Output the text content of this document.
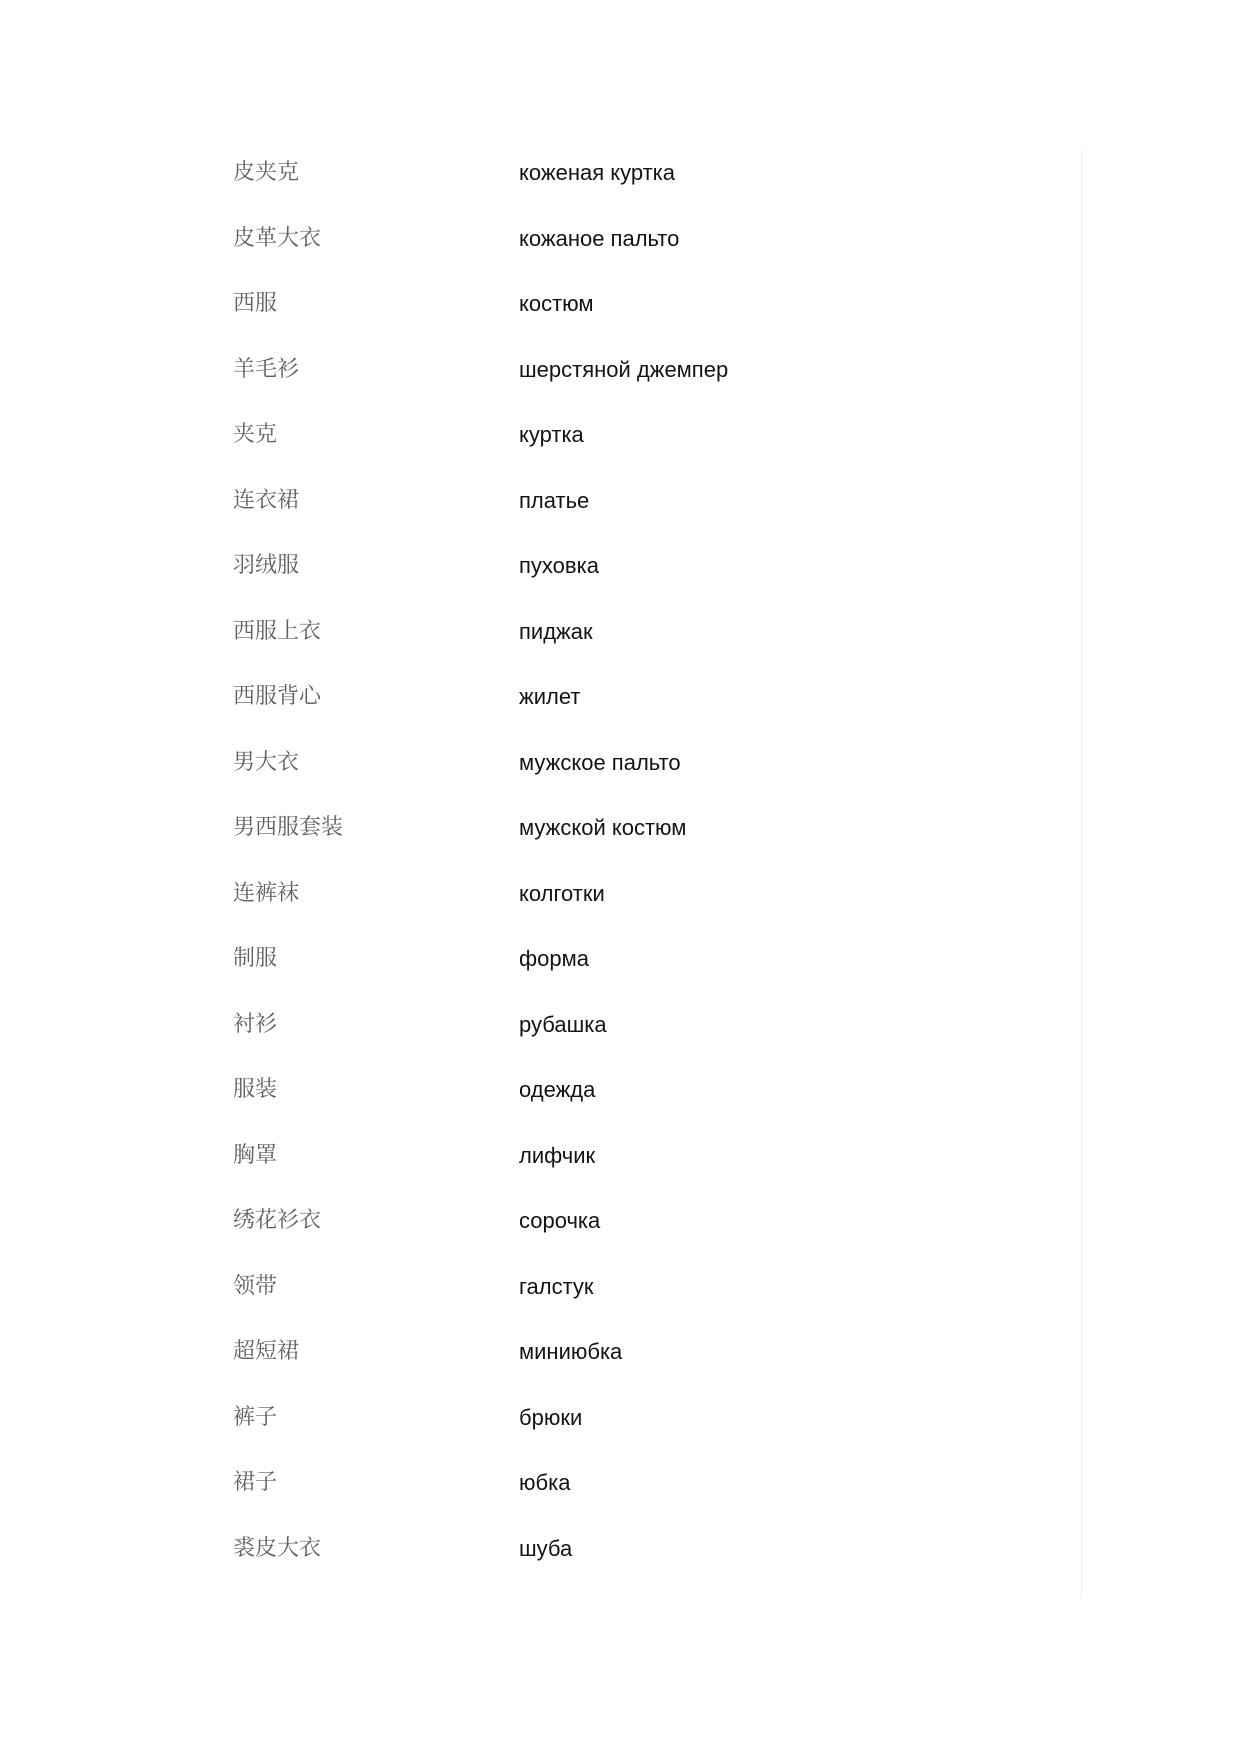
皮夹克	коженая куртка
皮革大衣	кожаное пальто
西服	костюм
羊毛衫	шерстяной джемпер
夹克	куртка
连衣裙	платье
羽绒服	пуховка
西服上衣	пиджак
西服背心	жилет
男大衣	мужское пальто
男西服套装	мужской костюм
连裤袜	колготки
制服	форма
衬衫	рубашка
服装	одежда
胸罩	лифчик
绣花衫衣	сорочка
领带	галстук
超短裙	миниюбка
裤子	брюки
裙子	юбка
裘皮大衣	шуба
